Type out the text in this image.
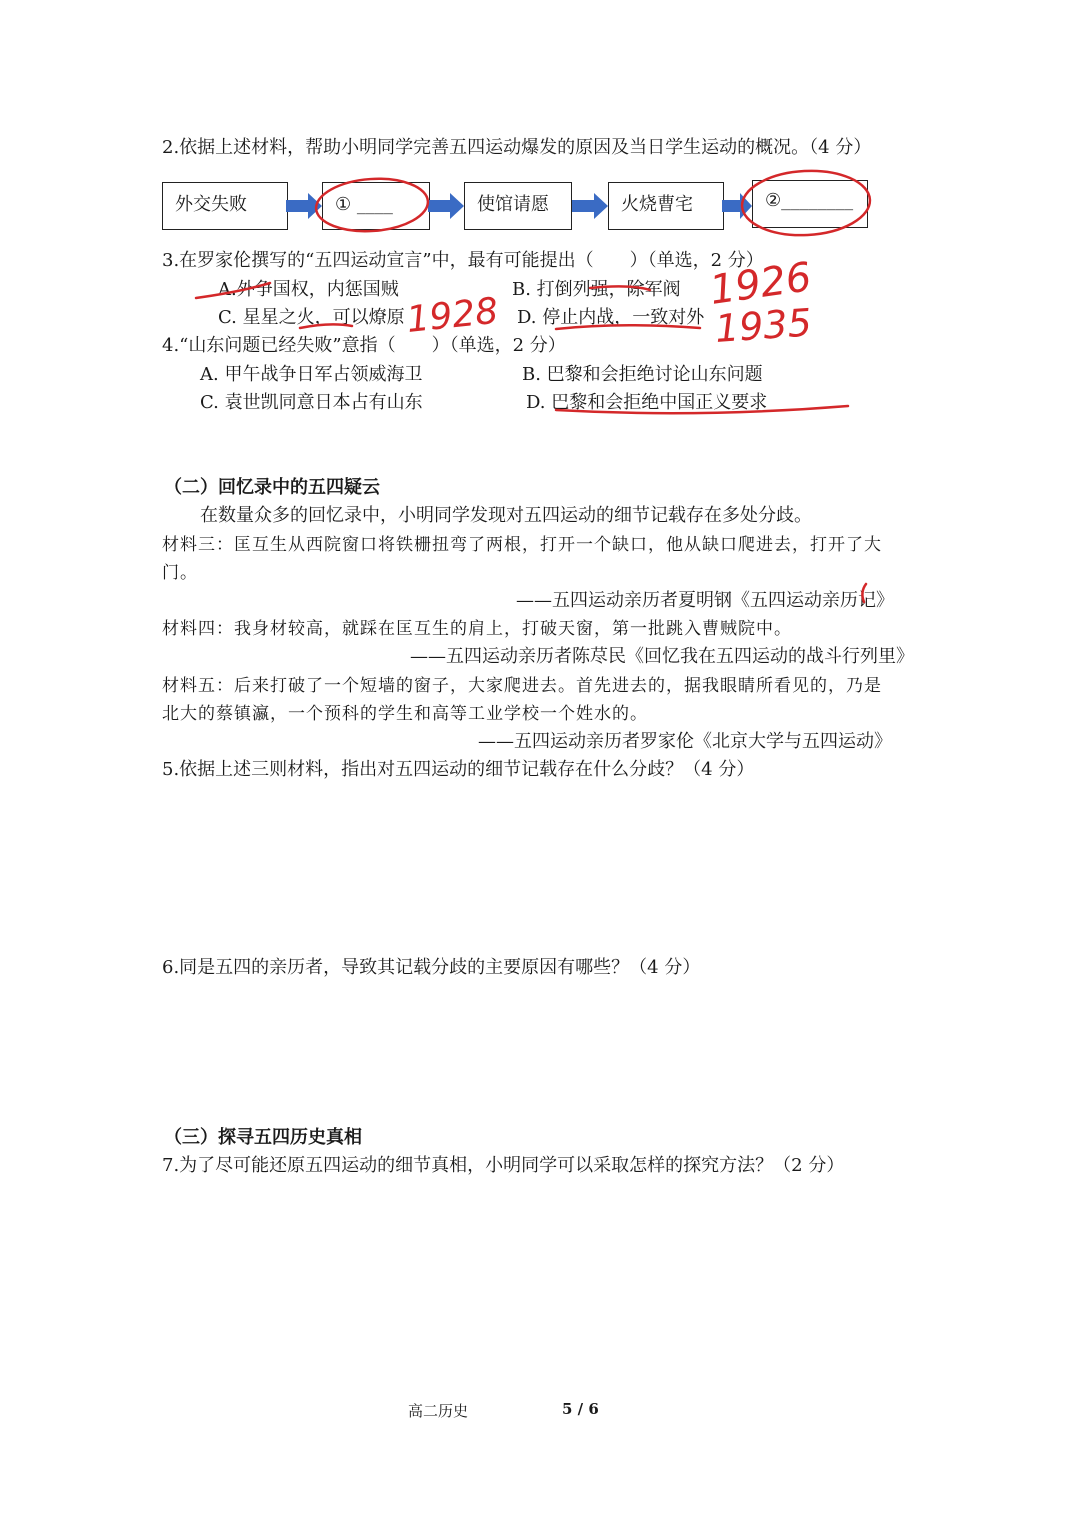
2.依据上述材料，帮助小明同学完善五四运动爆发的原因及当日学生运动的概况。（4 分）
外交失败	① ____	使馆请愿	火烧曹宅	②________
3.在罗家伦撰写的“五四运动宣言”中，最有可能提出（　　）（单选，2 分）
A.外争国权，内惩国贼	B. 打倒列强，除军阀
C. 星星之火，可以燎原	D. 停止内战，一致对外
4.“山东问题已经失败”意指（　　）（单选，2 分）
A. 甲午战争日军占领威海卫	B. 巴黎和会拒绝讨论山东问题
C. 袁世凯同意日本占有山东	D. 巴黎和会拒绝中国正义要求
（二）回忆录中的五四疑云
在数量众多的回忆录中，小明同学发现对五四运动的细节记载存在多处分歧。
材料三：匡互生从西院窗口将铁栅扭弯了两根，打开一个缺口，他从缺口爬进去，打开了大
门。
——五四运动亲历者夏明钢《五四运动亲历记》
材料四：我身材较高，就踩在匡互生的肩上，打破天窗，第一批跳入曹贼院中。
——五四运动亲历者陈荩民《回忆我在五四运动的战斗行列里》
材料五：后来打破了一个短墙的窗子，大家爬进去。首先进去的，据我眼睛所看见的，乃是
北大的蔡镇瀛，一个预科的学生和高等工业学校一个姓水的。
——五四运动亲历者罗家伦《北京大学与五四运动》
5.依据上述三则材料，指出对五四运动的细节记载存在什么分歧？（4 分）
6.同是五四的亲历者，导致其记载分歧的主要原因有哪些？（4 分）
（三）探寻五四历史真相
7.为了尽可能还原五四运动的细节真相，小明同学可以采取怎样的探究方法？（2 分）
高二历史	5 / 6
1926
1928	1935
